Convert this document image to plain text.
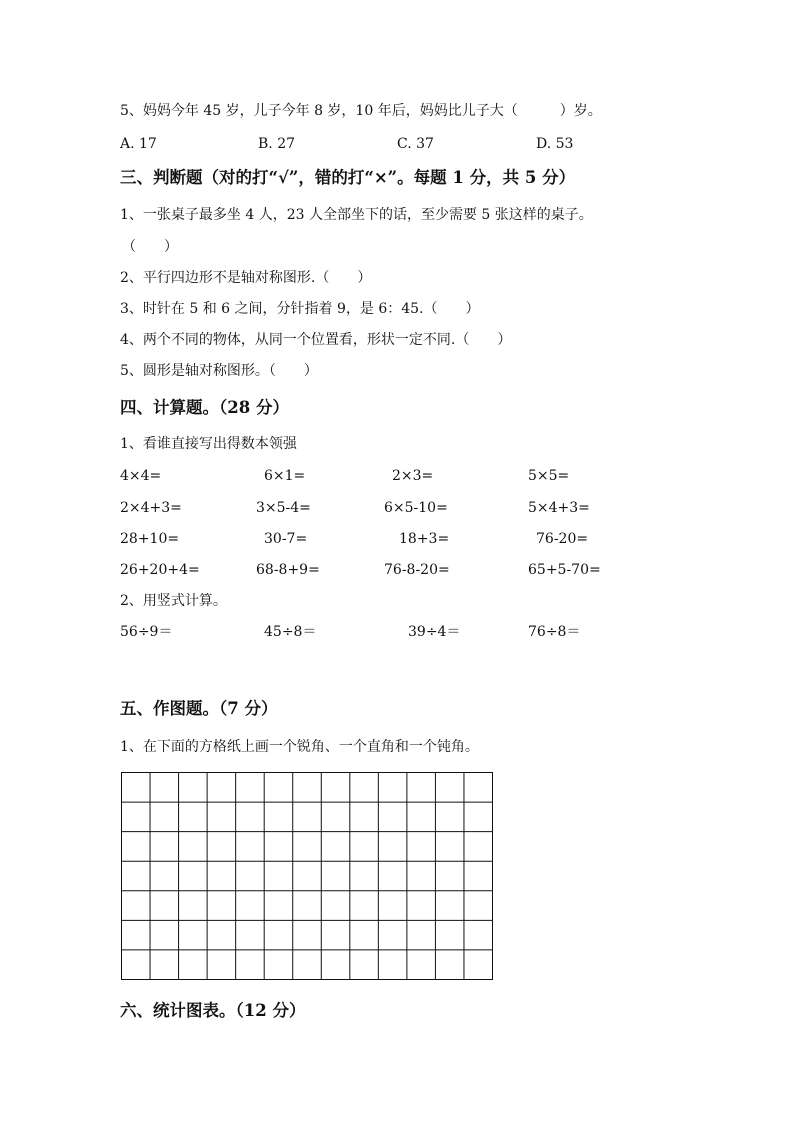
5、妈妈今年 45 岁，儿子今年 8 岁，10 年后，妈妈比儿子大（　　　）岁。
A. 17	B. 27	C. 37	D. 53
三、判断题（对的打“√”，错的打“×”。每题 1 分，共 5 分）
1、一张桌子最多坐 4 人，23 人全部坐下的话，至少需要 5 张这样的桌子。
（　　）
2、平行四边形不是轴对称图形.（　　）
3、时针在 5 和 6 之间，分针指着 9，是 6：45.（　　）
4、两个不同的物体，从同一个位置看，形状一定不同.（　　）
5、圆形是轴对称图形。（　　）
四、计算题。（28 分）
1、看谁直接写出得数本领强
4×4=	6×1=	2×3=	5×5=
2×4+3=	3×5-4=	6×5-10=	5×4+3=
28+10=	30-7=	18+3=	76-20=
26+20+4=	68-8+9=	76-8-20=	65+5-70=
2、用竖式计算。
56÷9＝	45÷8＝	39÷4＝	76÷8＝
五、作图题。（7 分）
1、在下面的方格纸上画一个锐角、一个直角和一个钝角。
六、统计图表。（12 分）
